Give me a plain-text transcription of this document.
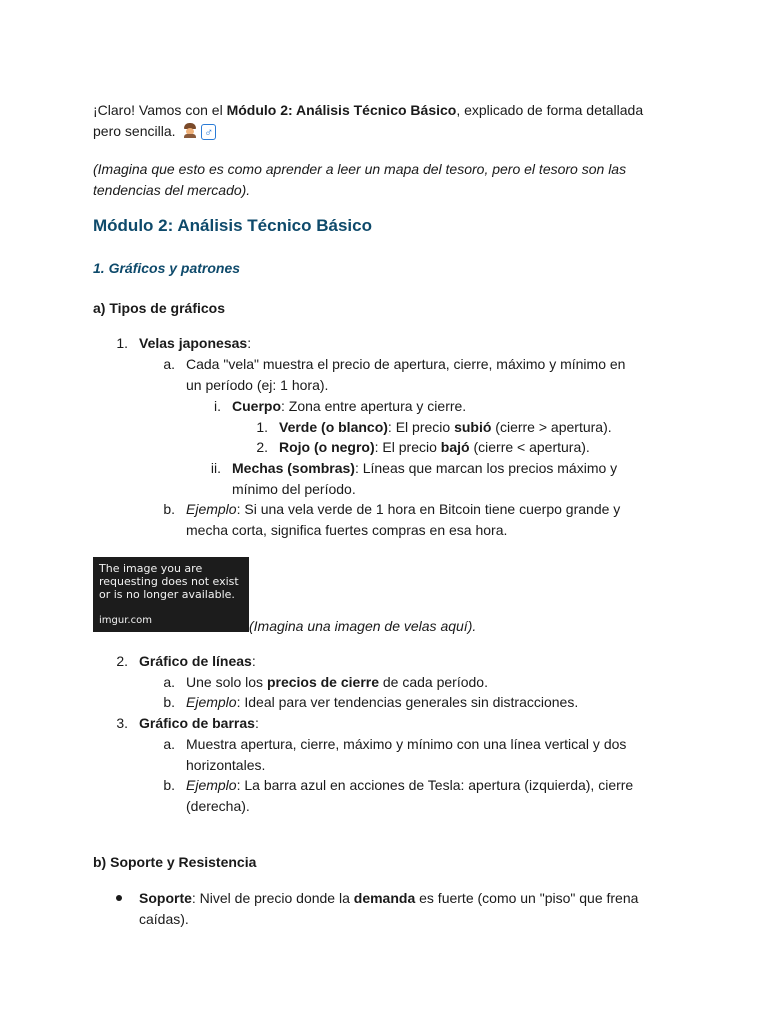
¡Claro! Vamos con el Módulo 2: Análisis Técnico Básico, explicado de forma detallada
pero sencilla. ♂

(Imagina que esto es como aprender a leer un mapa del tesoro, pero el tesoro son las
tendencias del mercado).

Módulo 2: Análisis Técnico Básico

1. Gráficos y patrones

a) Tipos de gráficos

1. Velas japonesas:
a. Cada "vela" muestra el precio de apertura, cierre, máximo y mínimo en
un período (ej: 1 hora).
i. Cuerpo: Zona entre apertura y cierre.
1. Verde (o blanco): El precio subió (cierre > apertura).
2. Rojo (o negro): El precio bajó (cierre < apertura).
ii. Mechas (sombras): Líneas que marcan los precios máximo y
mínimo del período.
b. Ejemplo: Si una vela verde de 1 hora en Bitcoin tiene cuerpo grande y
mecha corta, significa fuertes compras en esa hora.
The image you are requesting does not exist or is no longer available.
imgur.com	(Imagina una imagen de velas aquí).
2. Gráfico de líneas:
a. Une solo los precios de cierre de cada período.
b. Ejemplo: Ideal para ver tendencias generales sin distracciones.
3. Gráfico de barras:
a. Muestra apertura, cierre, máximo y mínimo con una línea vertical y dos
horizontales.
b. Ejemplo: La barra azul en acciones de Tesla: apertura (izquierda), cierre
(derecha).

b) Soporte y Resistencia

Soporte: Nivel de precio donde la demanda es fuerte (como un "piso" que frena
caídas).
